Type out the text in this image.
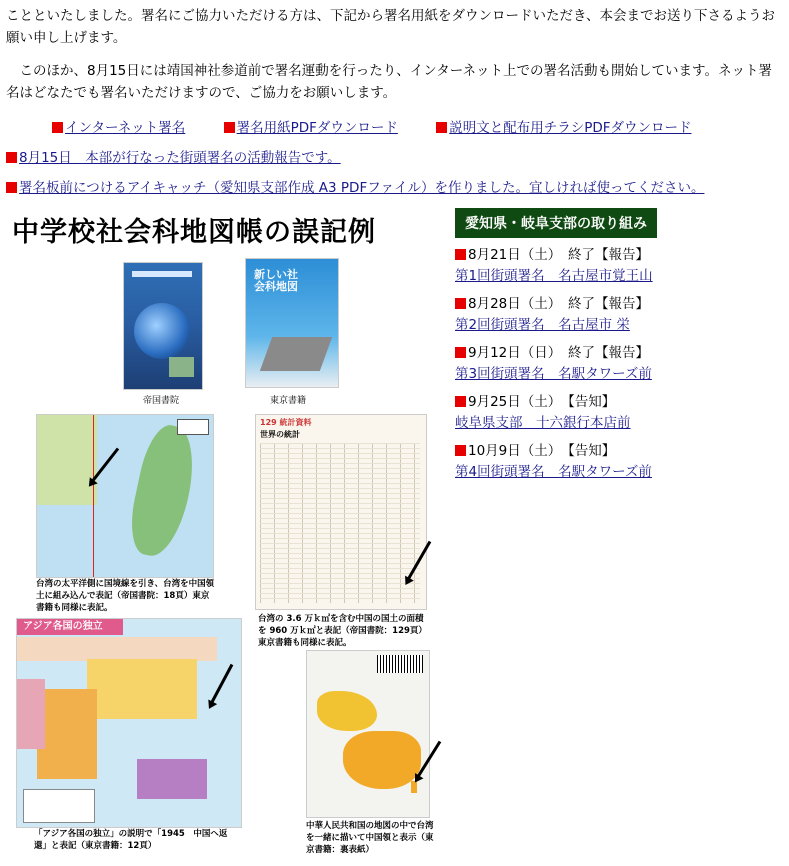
ことといたしました。署名にご協力いただける方は、下記から署名用紙をダウンロードいただき、本会までお送り下さるようお願い申し上げます。
　このほか、8月15日には靖国神社参道前で署名運動を行ったり、インターネット上での署名活動も開始しています。ネット署名はどなたでも署名いただけますので、ご協力をお願いします。
インターネット署名	署名用紙PDFダウンロード	説明文と配布用チラシPDFダウンロード
8月15日　本部が行なった街頭署名の活動報告です。
署名板前につけるアイキャッチ（愛知県支部作成 A3 PDFファイル）を作りました。宜しければ使ってください。
中学校社会科地図帳の誤記例
帝国書院
新しい社会科地図
東京書籍
台湾の太平洋側に国境線を引き、台湾を中国領土に組み込んで表記（帝国書院：18頁）東京書籍も同様に表記。
129 統計資料
世界の統計
台湾の 3.6 万ｋ㎡を含む中国の国土の面積を 960 万ｋ㎡と表記（帝国書院：129頁）東京書籍も同様に表記。
アジア各国の独立
「アジア各国の独立」の説明で「1945　中国へ返還」と表記（東京書籍：12頁）
中華人民共和国の地図の中で台湾を一緒に描いて中国領と表示（東京書籍：裏表紙）
愛知県・岐阜支部の取り組み
8月21日（土）　終了【報告】
第1回街頭署名　名古屋市覚王山
8月28日（土）　終了【報告】
第2回街頭署名　名古屋市 栄
9月12日（日）　終了【報告】
第3回街頭署名　名駅タワーズ前
9月25日（土）　【告知】
岐阜県支部　十六銀行本店前
10月9日（土）　【告知】
第4回街頭署名　名駅タワーズ前
